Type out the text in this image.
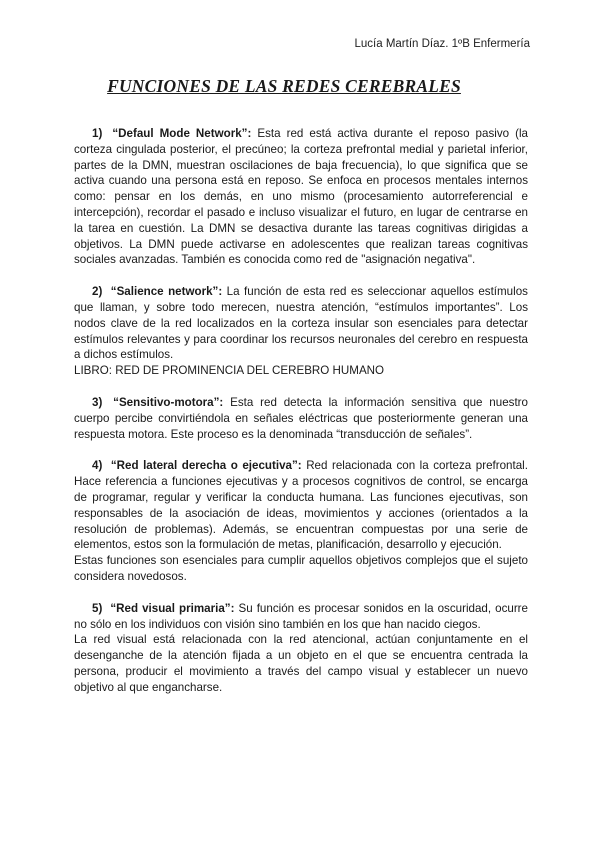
Lucía Martín Díaz. 1ºB Enfermería
FUNCIONES DE LAS REDES CEREBRALES

1) “Defaul Mode Network”: Esta red está activa durante el reposo pasivo (la corteza cingulada posterior, el precúneo; la corteza prefrontal medial y parietal inferior, partes de la DMN, muestran oscilaciones de baja frecuencia), lo que significa que se activa cuando una persona está en reposo. Se enfoca en procesos mentales internos como: pensar en los demás, en uno mismo (procesamiento autorreferencial e intercepción), recordar el pasado e incluso visualizar el futuro, en lugar de centrarse en la tarea en cuestión. La DMN se desactiva durante las tareas cognitivas dirigidas a objetivos. La DMN puede activarse en adolescentes que realizan tareas cognitivas sociales avanzadas. También es conocida como red de "asignación negativa".

2) “Salience network”: La función de esta red es seleccionar aquellos estímulos que llaman, y sobre todo merecen, nuestra atención, “estímulos importantes”. Los nodos clave de la red localizados en la corteza insular son esenciales para detectar estímulos relevantes y para coordinar los recursos neuronales del cerebro en respuesta a dichos estímulos.

LIBRO: RED DE PROMINENCIA DEL CEREBRO HUMANO

3) “Sensitivo-motora”: Esta red detecta la información sensitiva que nuestro cuerpo percibe convirtiéndola en señales eléctricas que posteriormente generan una respuesta motora. Este proceso es la denominada “transducción de señales”.

4) “Red lateral derecha o ejecutiva”: Red relacionada con la corteza prefrontal. Hace referencia a funciones ejecutivas y a procesos cognitivos de control, se encarga de programar, regular y verificar la conducta humana. Las funciones ejecutivas, son responsables de la asociación de ideas, movimientos y acciones (orientados a la resolución de problemas). Además, se encuentran compuestas por una serie de elementos, estos son la formulación de metas, planificación, desarrollo y ejecución.

Estas funciones son esenciales para cumplir aquellos objetivos complejos que el sujeto considera novedosos.

5) “Red visual primaria”: Su función es procesar sonidos en la oscuridad, ocurre no sólo en los individuos con visión sino también en los que han nacido ciegos.

La red visual está relacionada con la red atencional, actúan conjuntamente en el desenganche de la atención fijada a un objeto en el que se encuentra centrada la persona, producir el movimiento a través del campo visual y establecer un nuevo objetivo al que engancharse.
